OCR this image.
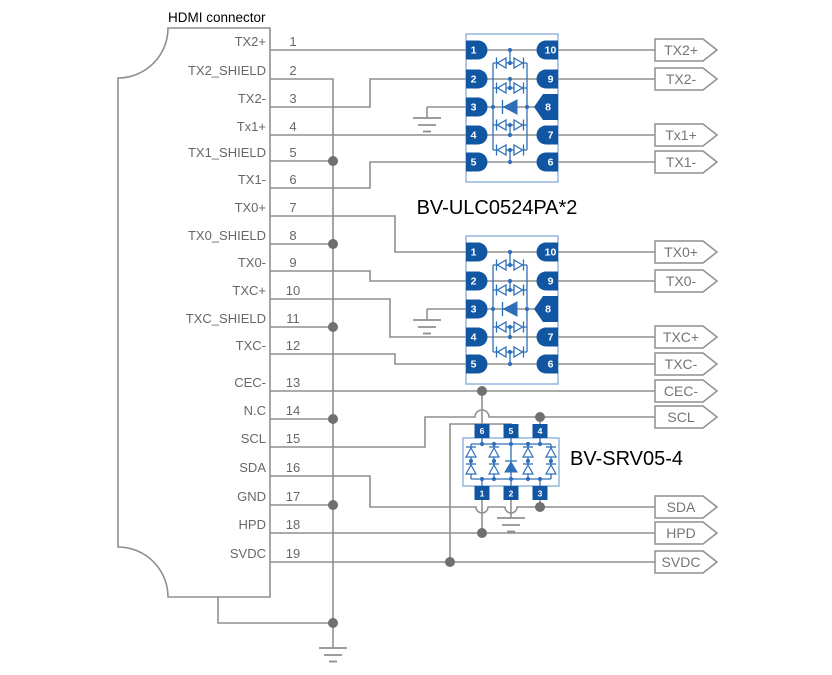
1	10
2	9
3	8
4	7
5	6
1	10
2	9
3	8
4	7
5	6
6	5	4
1	2	3
TX2+
TX2-
Tx1+
TX1-
TX0+
TX0-
TXC+
TXC-
CEC-
SCL
SDA
HPD
SVDC
1
TX2+
2
TX2_SHIELD
3
TX2-
4
Tx1+
5
TX1_SHIELD
6
TX1-
7
TX0+
8
TX0_SHIELD
9
TX0-
10
TXC+
11
TXC_SHIELD
12
TXC-
13
CEC-
14
N.C
15
SCL
16
SDA
17
GND
18
HPD
19
SVDC
HDMI connector
BV-ULC0524PA*2
BV-SRV05-4
